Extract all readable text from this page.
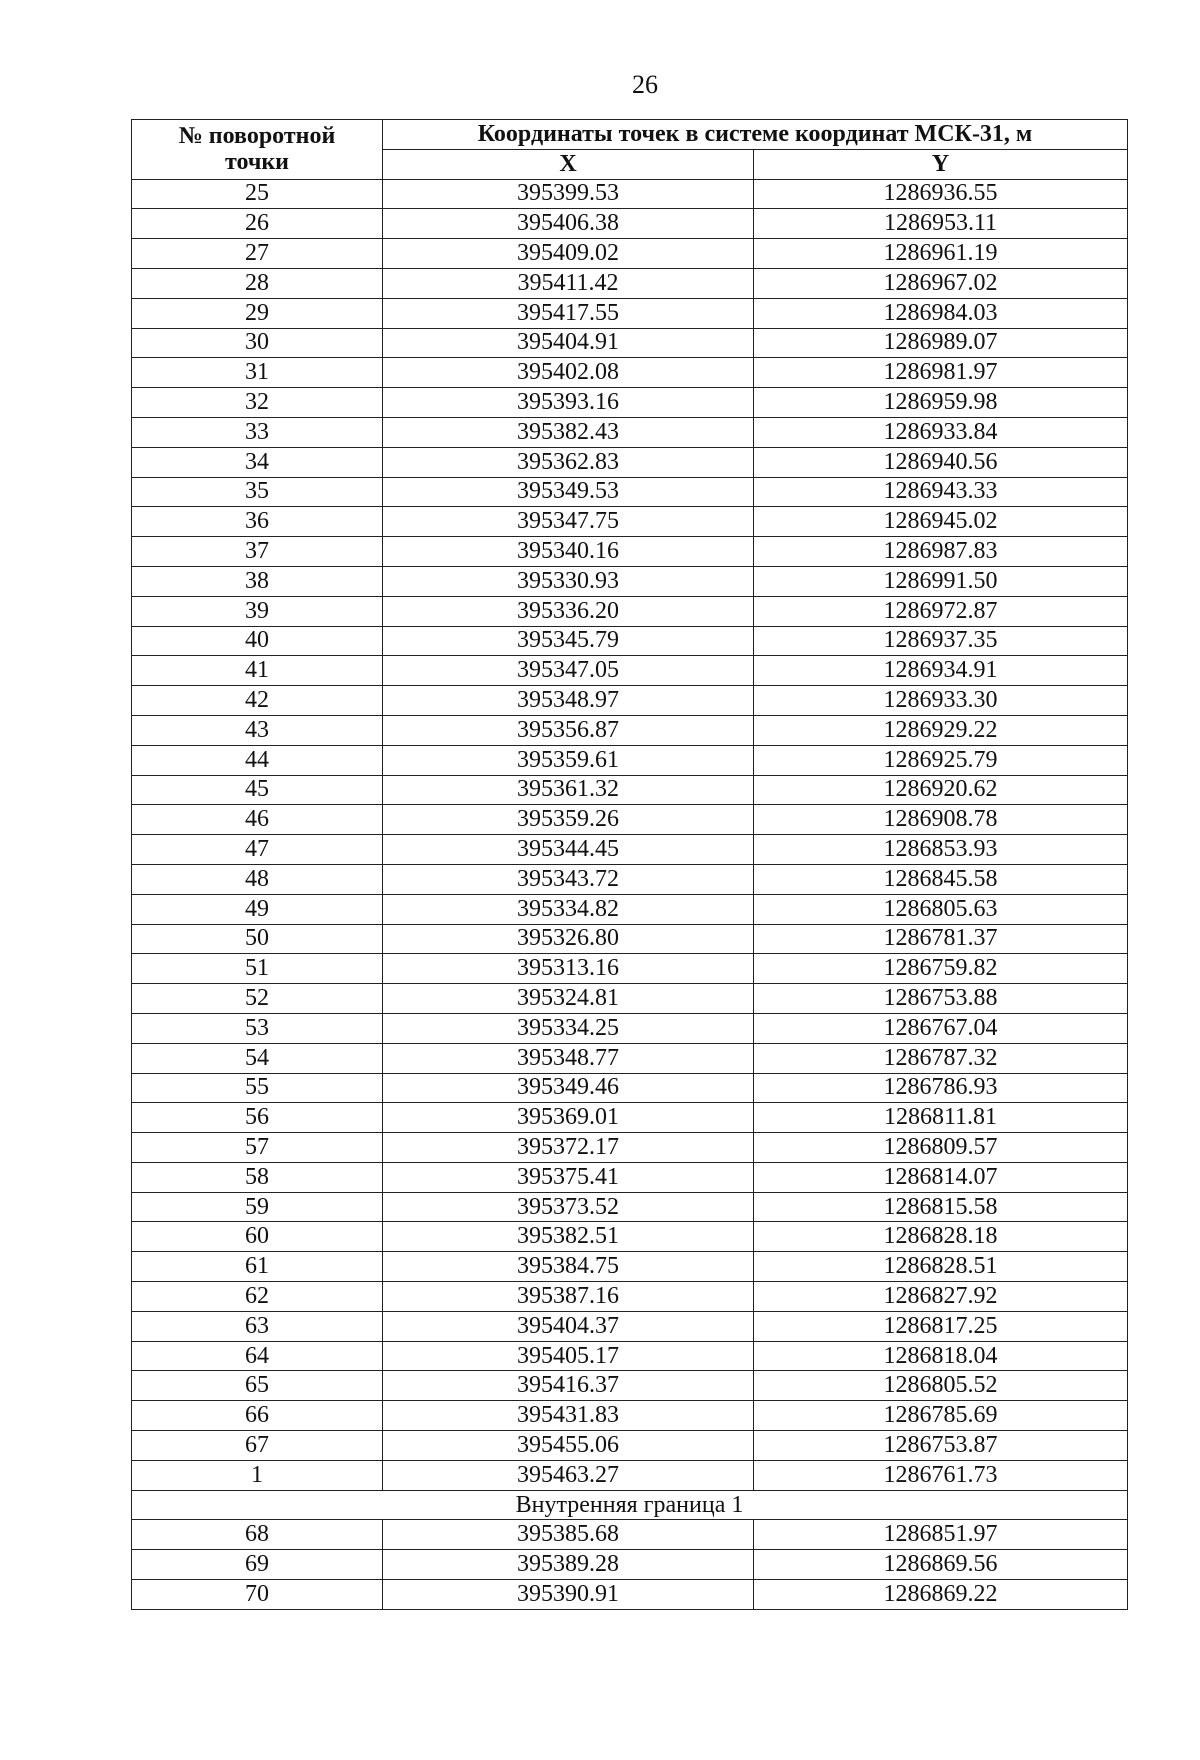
26
№ поворотной
точки	Координаты точек в системе координат МСК-31, м	
	X	Y
25	395399.53	1286936.55
26	395406.38	1286953.11
27	395409.02	1286961.19
28	395411.42	1286967.02
29	395417.55	1286984.03
30	395404.91	1286989.07
31	395402.08	1286981.97
32	395393.16	1286959.98
33	395382.43	1286933.84
34	395362.83	1286940.56
35	395349.53	1286943.33
36	395347.75	1286945.02
37	395340.16	1286987.83
38	395330.93	1286991.50
39	395336.20	1286972.87
40	395345.79	1286937.35
41	395347.05	1286934.91
42	395348.97	1286933.30
43	395356.87	1286929.22
44	395359.61	1286925.79
45	395361.32	1286920.62
46	395359.26	1286908.78
47	395344.45	1286853.93
48	395343.72	1286845.58
49	395334.82	1286805.63
50	395326.80	1286781.37
51	395313.16	1286759.82
52	395324.81	1286753.88
53	395334.25	1286767.04
54	395348.77	1286787.32
55	395349.46	1286786.93
56	395369.01	1286811.81
57	395372.17	1286809.57
58	395375.41	1286814.07
59	395373.52	1286815.58
60	395382.51	1286828.18
61	395384.75	1286828.51
62	395387.16	1286827.92
63	395404.37	1286817.25
64	395405.17	1286818.04
65	395416.37	1286805.52
66	395431.83	1286785.69
67	395455.06	1286753.87
1	395463.27	1286761.73
Внутренняя граница 1		
68	395385.68	1286851.97
69	395389.28	1286869.56
70	395390.91	1286869.22
